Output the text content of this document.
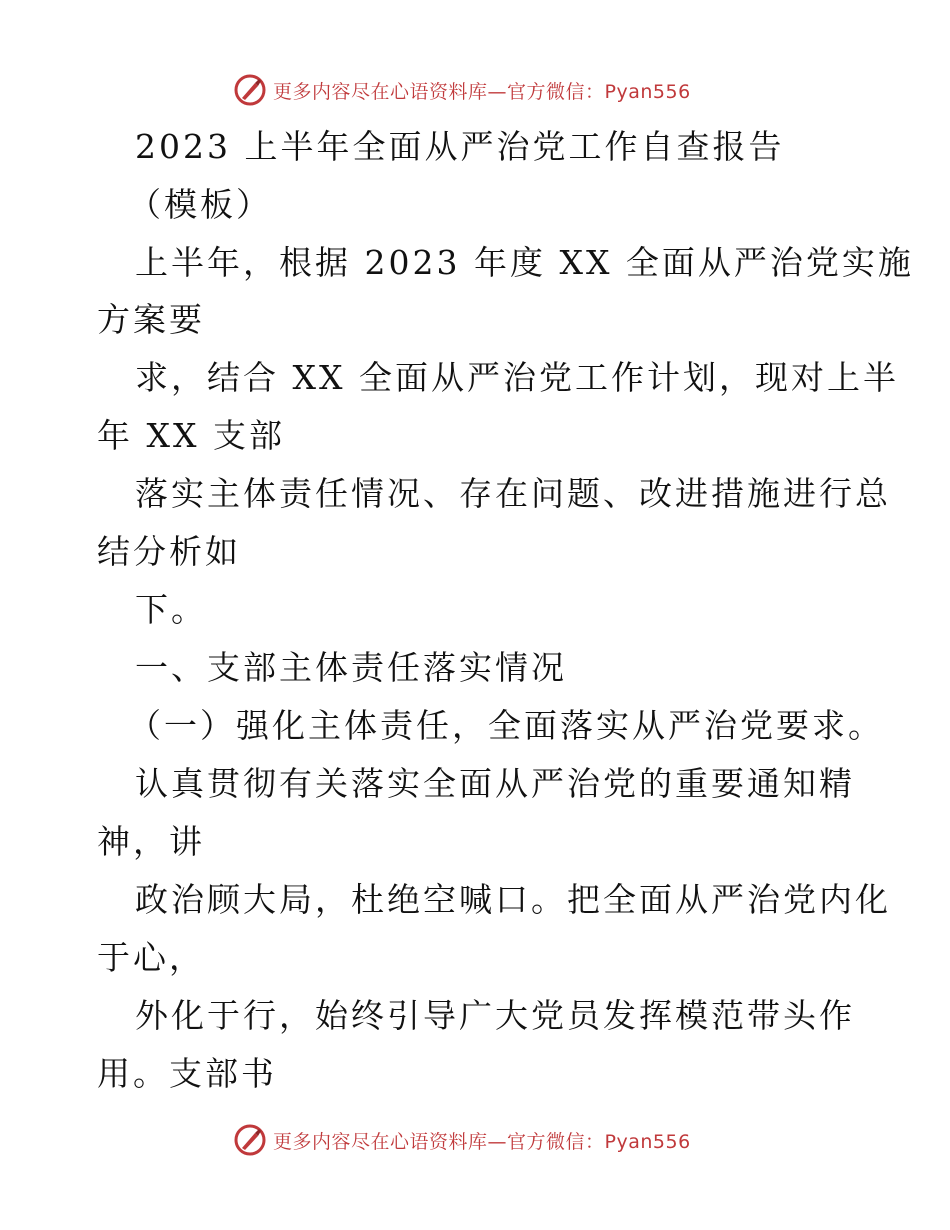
更多内容尽在心语资料库—官方微信：Pyan556

2023 上半年全面从严治党工作自查报告

（模板）

上半年，根据 2023 年度 XX 全面从严治党实施

方案要

求，结合 XX 全面从严治党工作计划，现对上半

年 XX 支部

落实主体责任情况、存在问题、改进措施进行总

结分析如

下。

一、支部主体责任落实情况

（一）强化主体责任，全面落实从严治党要求。

认真贯彻有关落实全面从严治党的重要通知精

神，讲

政治顾大局，杜绝空喊口。把全面从严治党内化

于心，

外化于行，始终引导广大党员发挥模范带头作

用。支部书

更多内容尽在心语资料库—官方微信：Pyan556
